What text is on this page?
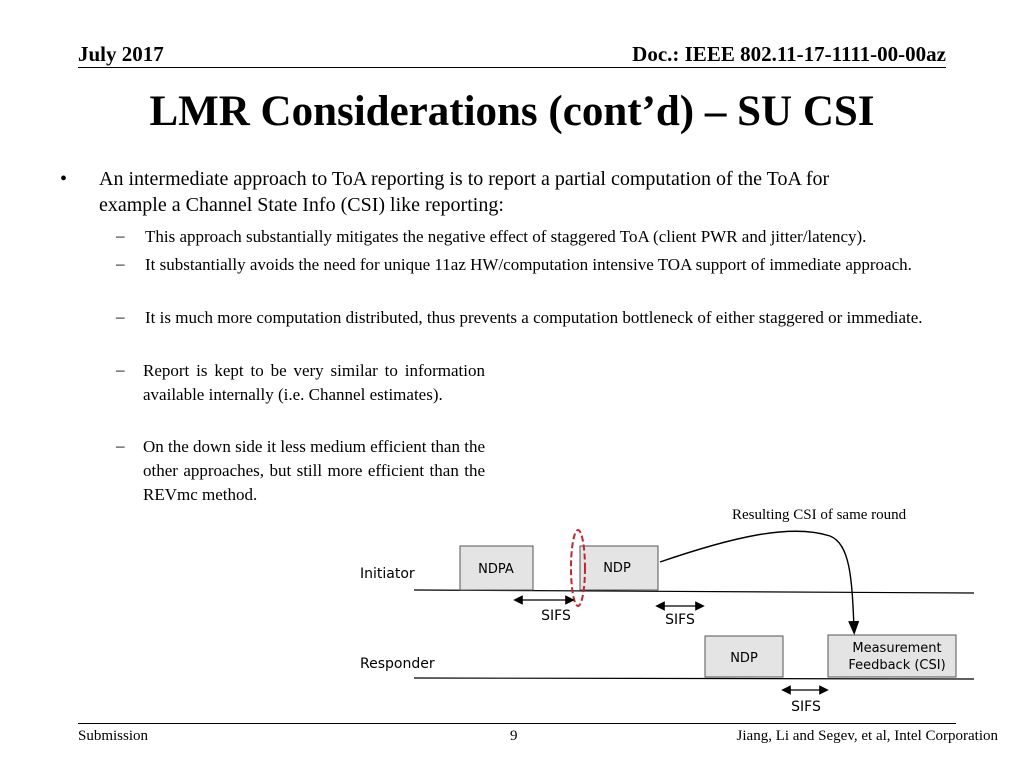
July 2017	Doc.: IEEE 802.11-17-1111-00-00az
LMR Considerations (cont’d) – SU CSI
• An intermediate approach to ToA reporting is to report a partial computation of the ToA for
example a Channel State Info (CSI) like reporting:
– This approach substantially mitigates the negative effect of staggered ToA (client PWR and jitter/latency).
– It substantially avoids the need for unique 11az HW/computation intensive TOA support of immediate approach.
– It is much more computation distributed, thus prevents a computation bottleneck of either staggered or immediate.
– Report is kept to be very similar to information available internally (i.e. Channel estimates).
– On the down side it less medium efficient than the other approaches, but still more efficient than the REVmc method.
Resulting CSI of same round
Initiator
Responder
NDPA	NDP
NDP
Measurement
Feedback (CSI)
SIFS	SIFS
SIFS
Submission	9	Jiang, Li and Segev, et al, Intel Corporation
